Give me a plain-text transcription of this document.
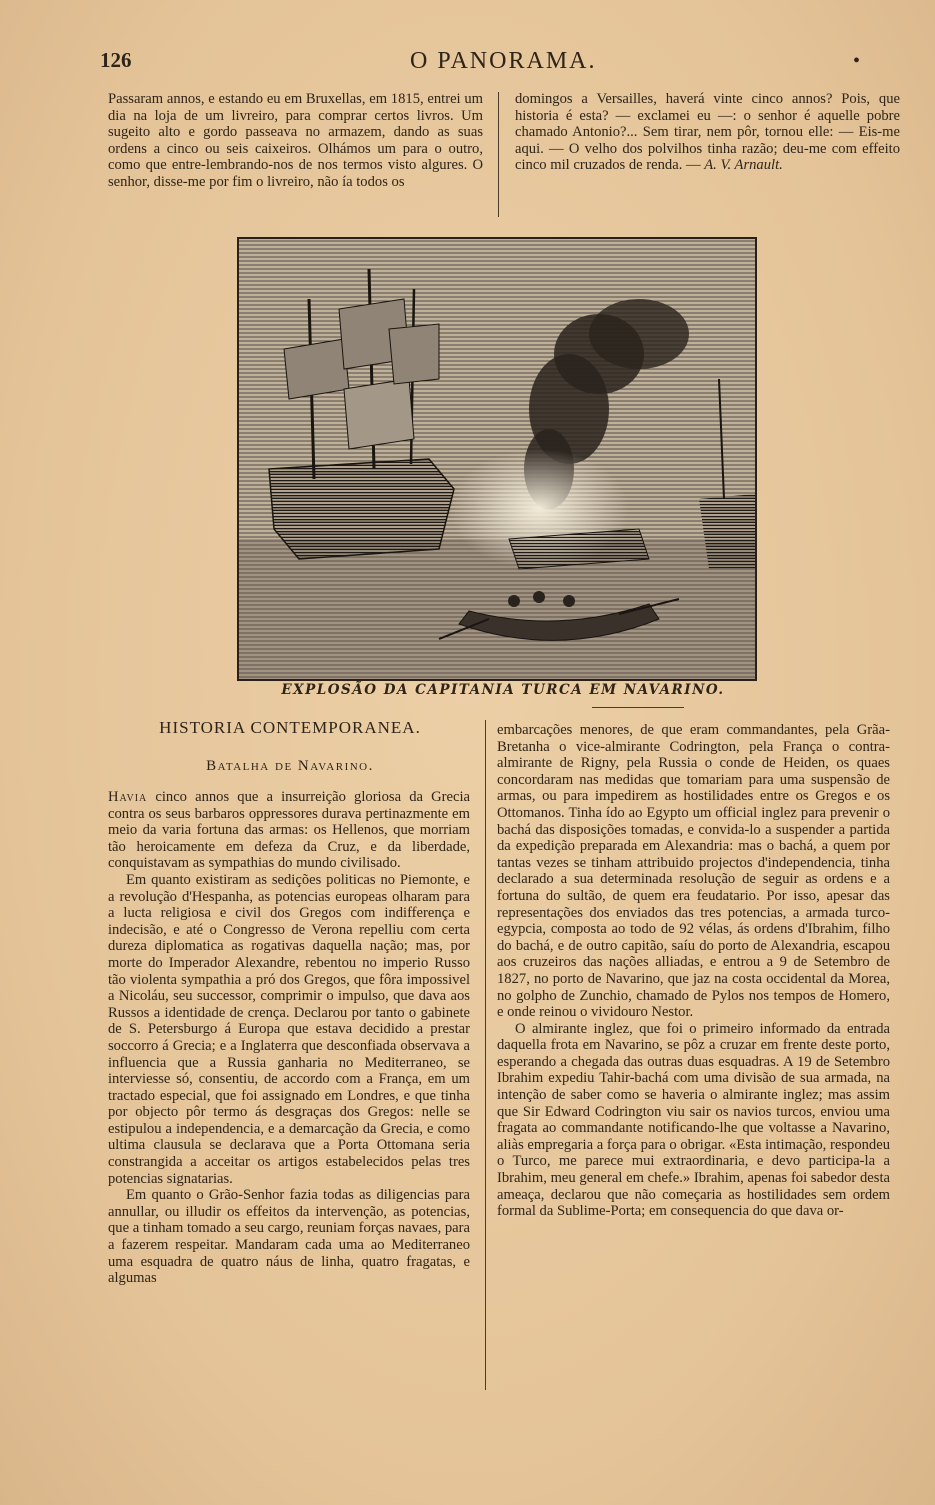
126	O PANORAMA.	•

Passaram annos, e estando eu em Bruxellas, em 1815, entrei um dia na loja de um livreiro, para comprar certos livros. Um sugeito alto e gordo passeava no armazem, dando as suas ordens a cinco ou seis caixeiros. Olhámos um para o outro, como que entre-lembrando-nos de nos termos visto algures. O senhor, disse-me por fim o livreiro, não ía todos os

domingos a Versailles, haverá vinte cinco annos? Pois, que historia é esta? — exclamei eu —: o senhor é aquelle pobre chamado Antonio?... Sem tirar, nem pôr, tornou elle: — Eis-me aqui. — O velho dos polvilhos tinha razão; deu-me com effeito cinco mil cruzados de renda. — A. V. Arnault.

EXPLOSÃO DA CAPITANIA TURCA EM NAVARINO.
HISTORIA CONTEMPORANEA.
Batalha de Navarino.

Havia cinco annos que a insurreição gloriosa da Grecia contra os seus barbaros oppressores durava pertinazmente em meio da varia fortuna das armas: os Hellenos, que morriam tão heroicamente em defeza da Cruz, e da liberdade, conquistavam as sympathias do mundo civilisado.

Em quanto existiram as sedições politicas no Piemonte, e a revolução d'Hespanha, as potencias europeas olharam para a lucta religiosa e civil dos Gregos com indifferença e indecisão, e até o Congresso de Verona repelliu com certa dureza diplomatica as rogativas daquella nação; mas, por morte do Imperador Alexandre, rebentou no imperio Russo tão violenta sympathia a pró dos Gregos, que fôra impossivel a Nicoláu, seu successor, comprimir o impulso, que dava aos Russos a identidade de crença. Declarou por tanto o gabinete de S. Petersburgo á Europa que estava decidido a prestar soccorro á Grecia; e a Inglaterra que desconfiada observava a influencia que a Russia ganharia no Mediterraneo, se interviesse só, consentiu, de accordo com a França, em um tractado especial, que foi assignado em Londres, e que tinha por objecto pôr termo ás desgraças dos Gregos: nelle se estipulou a independencia, e a demarcação da Grecia, e como ultima clausula se declarava que a Porta Ottomana seria constrangida a acceitar os artigos estabelecidos pelas tres potencias signatarias.

Em quanto o Grão-Senhor fazia todas as diligencias para annullar, ou illudir os effeitos da intervenção, as potencias, que a tinham tomado a seu cargo, reuniam forças navaes, para a fazerem respeitar. Mandaram cada uma ao Mediterraneo uma esquadra de quatro náus de linha, quatro fragatas, e algumas

embarcações menores, de que eram commandantes, pela Grãa-Bretanha o vice-almirante Codrington, pela França o contra-almirante de Rigny, pela Russia o conde de Heiden, os quaes concordaram nas medidas que tomariam para uma suspensão de armas, ou para impedirem as hostilidades entre os Gregos e os Ottomanos. Tinha ído ao Egypto um official inglez para prevenir o bachá das disposições tomadas, e convida-lo a suspender a partida da expedição preparada em Alexandria: mas o bachá, a quem por tantas vezes se tinham attribuido projectos d'independencia, tinha declarado a sua determinada resolução de seguir as ordens e a fortuna do sultão, de quem era feudatario. Por isso, apesar das representações dos enviados das tres potencias, a armada turco-egypcia, composta ao todo de 92 vélas, ás ordens d'Ibrahim, filho do bachá, e de outro capitão, saíu do porto de Alexandria, escapou aos cruzeiros das nações alliadas, e entrou a 9 de Setembro de 1827, no porto de Navarino, que jaz na costa occidental da Morea, no golpho de Zunchio, chamado de Pylos nos tempos de Homero, e onde reinou o vividouro Nestor.

O almirante inglez, que foi o primeiro informado da entrada daquella frota em Navarino, se pôz a cruzar em frente deste porto, esperando a chegada das outras duas esquadras. A 19 de Setembro Ibrahim expediu Tahir-bachá com uma divisão de sua armada, na intenção de saber como se haveria o almirante inglez; mas assim que Sir Edward Codrington viu sair os navios turcos, enviou uma fragata ao commandante notificando-lhe que voltasse a Navarino, aliàs empregaria a força para o obrigar. «Esta intimação, respondeu o Turco, me parece mui extraordinaria, e devo participa-la a Ibrahim, meu general em chefe.» Ibrahim, apenas foi sabedor desta ameaça, declarou que não começaria as hostilidades sem ordem formal da Sublime-Porta; em consequencia do que dava or-
